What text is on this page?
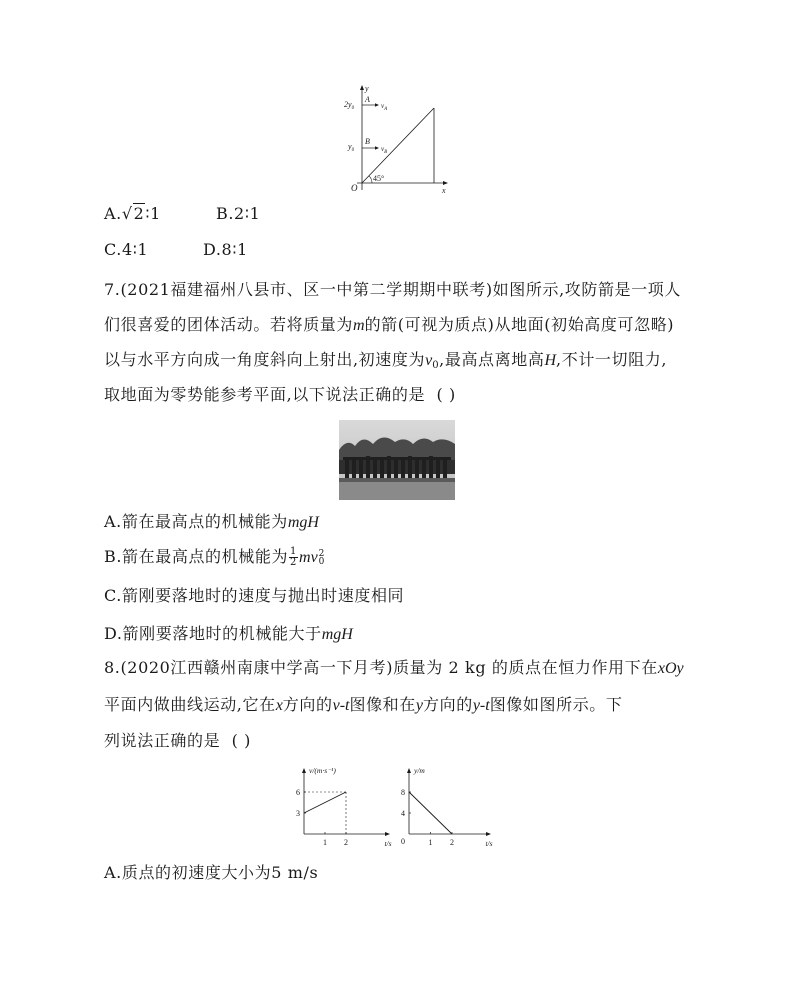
y
x
O
$2y_0$
A
$v_A$
$y_0$
B
$v_B$
45°
A.√2∶1	B.2∶1
C.4∶1	D.8∶1
7.(2021福建福州八县市、区一中第二学期期中联考)如图所示,攻防箭是一项人
们很喜爱的团体活动。若将质量为m的箭(可视为质点)从地面(初始高度可忽略)
以与水平方向成一角度斜向上射出,初速度为$v_0$,最高点离地高H,不计一切阻力,
取地面为零势能参考平面,以下说法正确的是 ( )
A.箭在最高点的机械能为mgH
B.箭在最高点的机械能为 $\frac{1}{2}$ mv 2
0
C.箭刚要落地时的速度与抛出时速度相同
D.箭刚要落地时的机械能大于mgH
8.(2020江西赣州南康中学高一下月考)质量为 2 kg 的质点在恒力作用下在xOy
平面内做曲线运动,它在x方向的v-t图像和在y方向的y-t图像如图所示。下
列说法正确的是 ( )
6
3
1 2
v/(m·s⁻¹)
t/s
8
4
1 2
y/m
t/s
0
A.质点的初速度大小为5 m/s
